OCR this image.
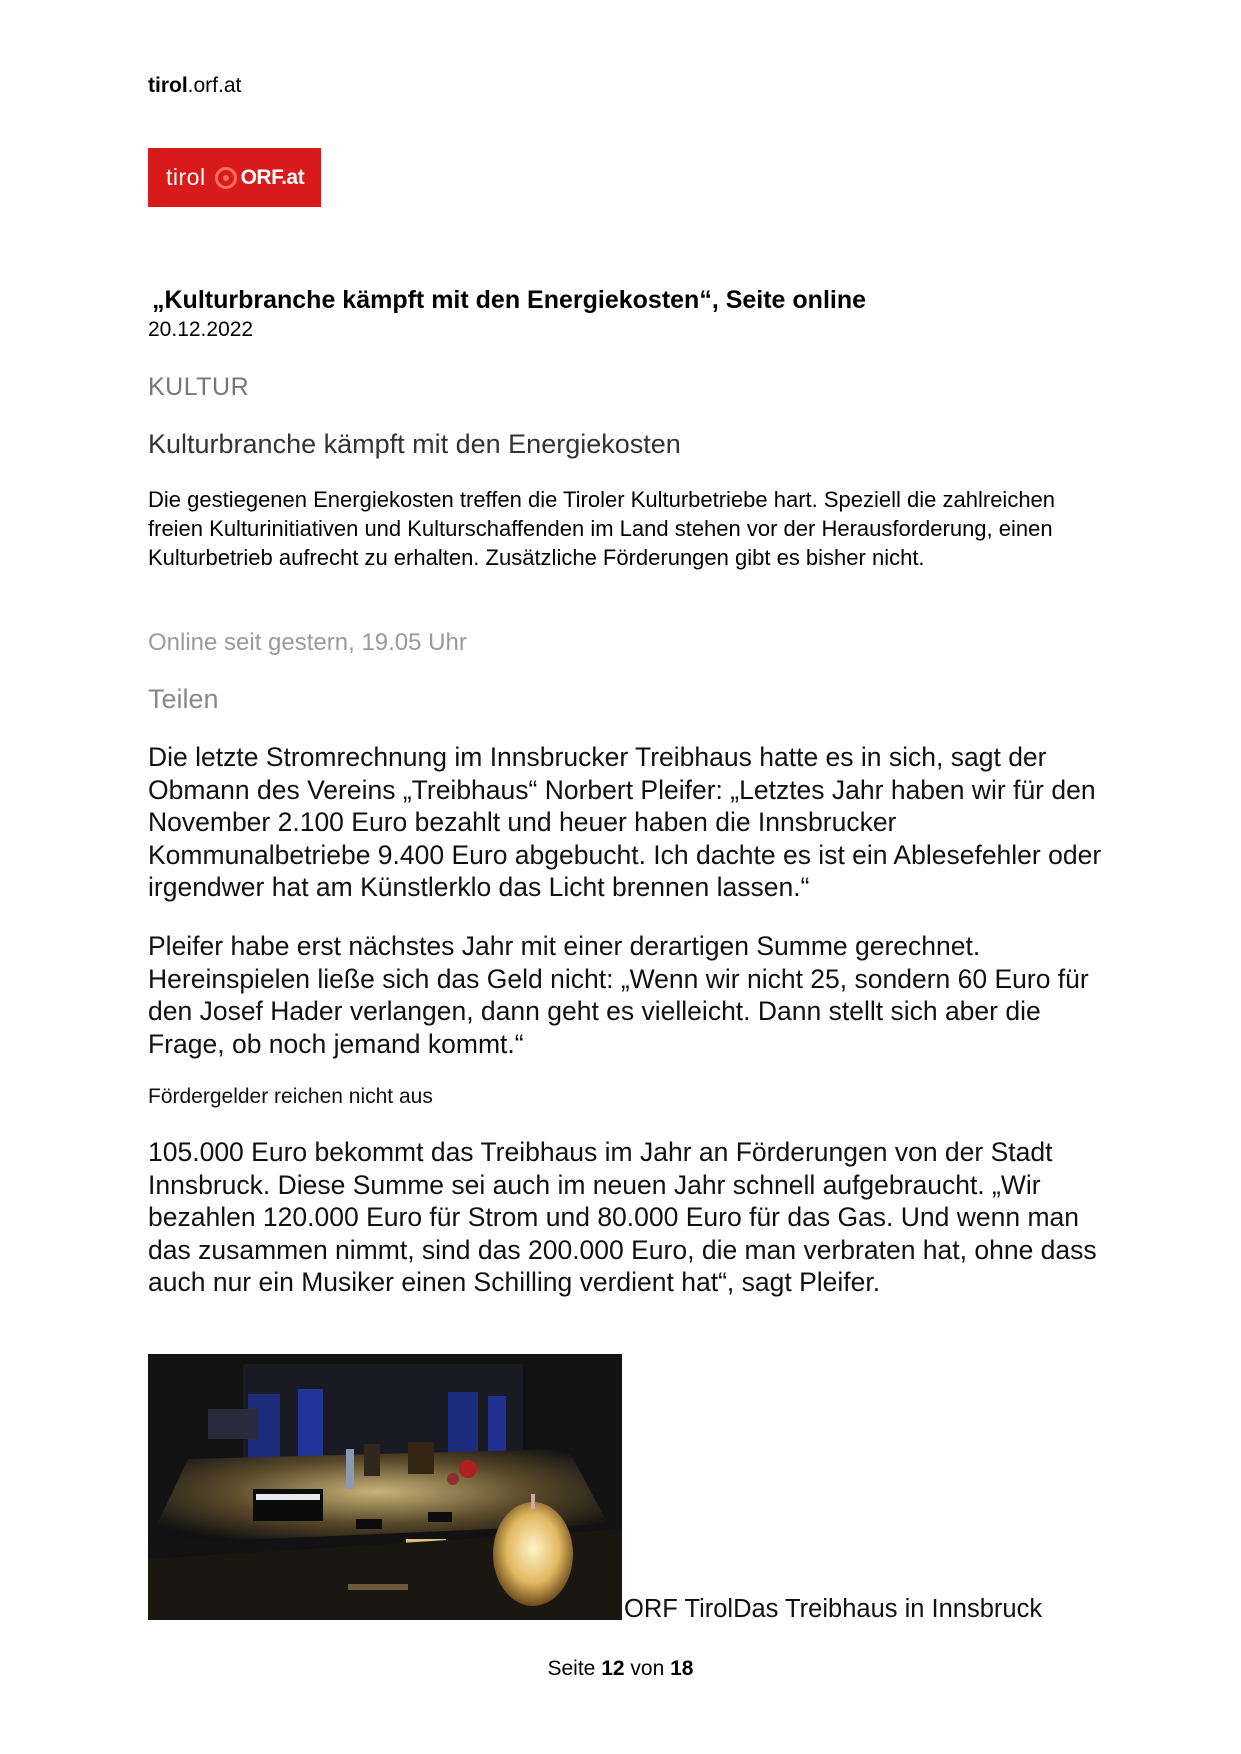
tirol.orf.at
tirol ORF.at
„Kulturbranche kämpft mit den Energiekosten“, Seite online
20.12.2022
KULTUR
Kulturbranche kämpft mit den Energiekosten
Die gestiegenen Energiekosten treffen die Tiroler Kulturbetriebe hart. Speziell die zahlreichen freien Kulturinitiativen und Kulturschaffenden im Land stehen vor der Herausforderung, einen Kulturbetrieb aufrecht zu erhalten. Zusätzliche Förderungen gibt es bisher nicht.
Online seit gestern, 19.05 Uhr
Teilen
Die letzte Stromrechnung im Innsbrucker Treibhaus hatte es in sich, sagt der Obmann des Vereins „Treibhaus“ Norbert Pleifer: „Letztes Jahr haben wir für den November 2.100 Euro bezahlt und heuer haben die Innsbrucker Kommunalbetriebe 9.400 Euro abgebucht. Ich dachte es ist ein Ablesefehler oder irgendwer hat am Künstlerklo das Licht brennen lassen.“
Pleifer habe erst nächstes Jahr mit einer derartigen Summe gerechnet. Hereinspielen ließe sich das Geld nicht: „Wenn wir nicht 25, sondern 60 Euro für den Josef Hader verlangen, dann geht es vielleicht. Dann stellt sich aber die Frage, ob noch jemand kommt.“
Fördergelder reichen nicht aus
105.000 Euro bekommt das Treibhaus im Jahr an Förderungen von der Stadt Innsbruck. Diese Summe sei auch im neuen Jahr schnell aufgebraucht. „Wir bezahlen 120.000 Euro für Strom und 80.000 Euro für das Gas. Und wenn man das zusammen nimmt, sind das 200.000 Euro, die man verbraten hat, ohne dass auch nur ein Musiker einen Schilling verdient hat“, sagt Pleifer.
ORF TirolDas Treibhaus in Innsbruck
Seite 12 von 18
